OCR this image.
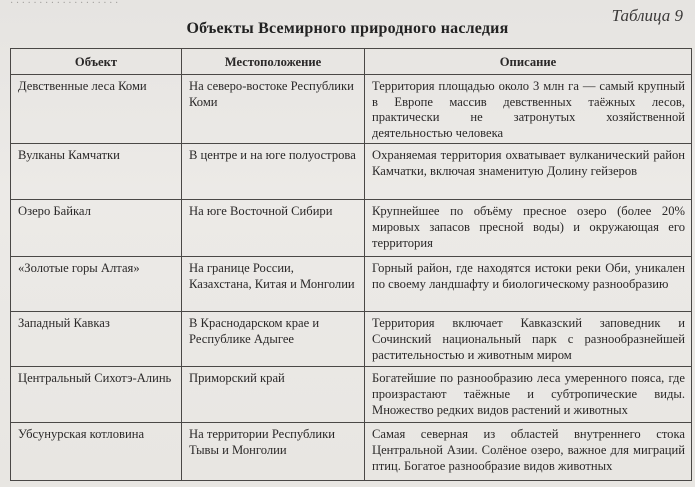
· · · · · · · · · · · · · · · · · · ·
Таблица 9
Объекты Всемирного природного наследия
Объект	Местоположение	Описание
Девственные леса Коми	На северо-востоке Республики Коми	Территория площадью около 3 млн га — самый крупный в Европе массив девственных таёжных лесов, практически не затронутых хозяйственной деятельностью человека
Вулканы Камчатки	В центре и на юге полуострова	Охраняемая территория охватывает вулканический район Камчатки, включая знаменитую Долину гейзеров
Озеро Байкал	На юге Восточной Сибири	Крупнейшее по объёму пресное озеро (более 20% мировых запасов пресной воды) и окружающая его территория
«Золотые горы Алтая»	На границе России, Казахстана, Китая и Монголии	Горный район, где находятся истоки реки Оби, уникален по своему ландшафту и биологическому разнообразию
Западный Кавказ	В Краснодарском крае и Республике Адыгее	Территория включает Кавказский заповедник и Сочинский национальный парк с разнообразнейшей растительностью и животным миром
Центральный Сихотэ-Алинь	Приморский край	Богатейшие по разнообразию леса умеренного пояса, где произрастают таёжные и субтропические виды. Множество редких видов растений и животных
Убсунурская котловина	На территории Республики Тывы и Монголии	Самая северная из областей внутреннего стока Центральной Азии. Солёное озеро, важное для миграций птиц. Богатое разнообразие видов животных
